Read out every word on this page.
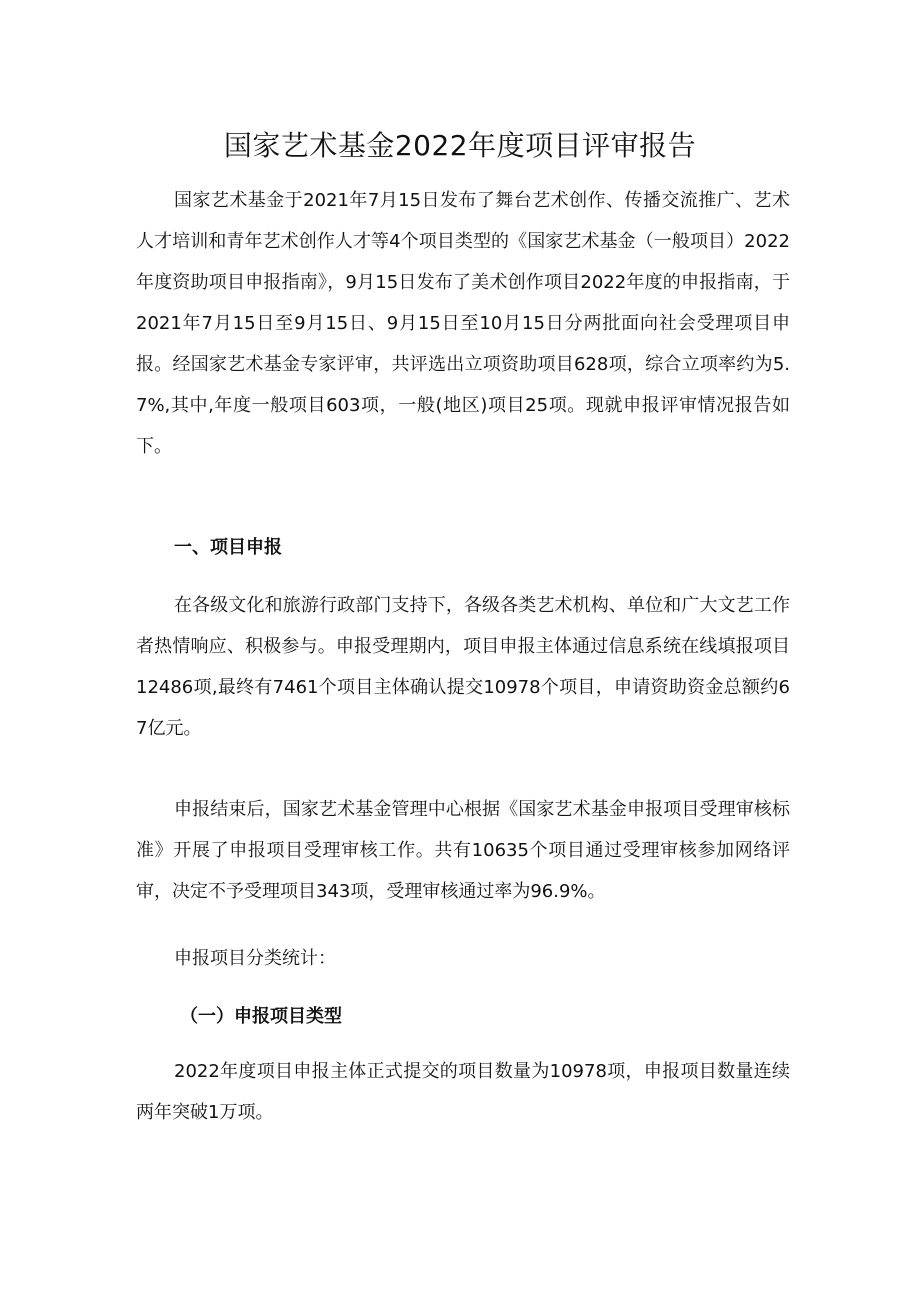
国家艺术基金2022年度项目评审报告

国家艺术基金于2021年7月15日发布了舞台艺术创作、传播交流推广、艺术人才培训和青年艺术创作人才等4个项目类型的《国家艺术基金（一般项目）2022年度资助项目申报指南》，9月15日发布了美术创作项目2022年度的申报指南，于2021年7月15日至9月15日、9月15日至10月15日分两批面向社会受理项目申报。经国家艺术基金专家评审，共评选出立项资助项目628项，综合立项率约为5.7%,其中,年度一般项目603项，一般(地区)项目25项。现就申报评审情况报告如下。

一、项目申报

在各级文化和旅游行政部门支持下，各级各类艺术机构、单位和广大文艺工作者热情响应、积极参与。申报受理期内，项目申报主体通过信息系统在线填报项目12486项,最终有7461个项目主体确认提交10978个项目，申请资助资金总额约67亿元。

申报结束后，国家艺术基金管理中心根据《国家艺术基金申报项目受理审核标准》开展了申报项目受理审核工作。共有10635个项目通过受理审核参加网络评审，决定不予受理项目343项，受理审核通过率为96.9%。

申报项目分类统计：

（一）申报项目类型

2022年度项目申报主体正式提交的项目数量为10978项，申报项目数量连续两年突破1万项。
